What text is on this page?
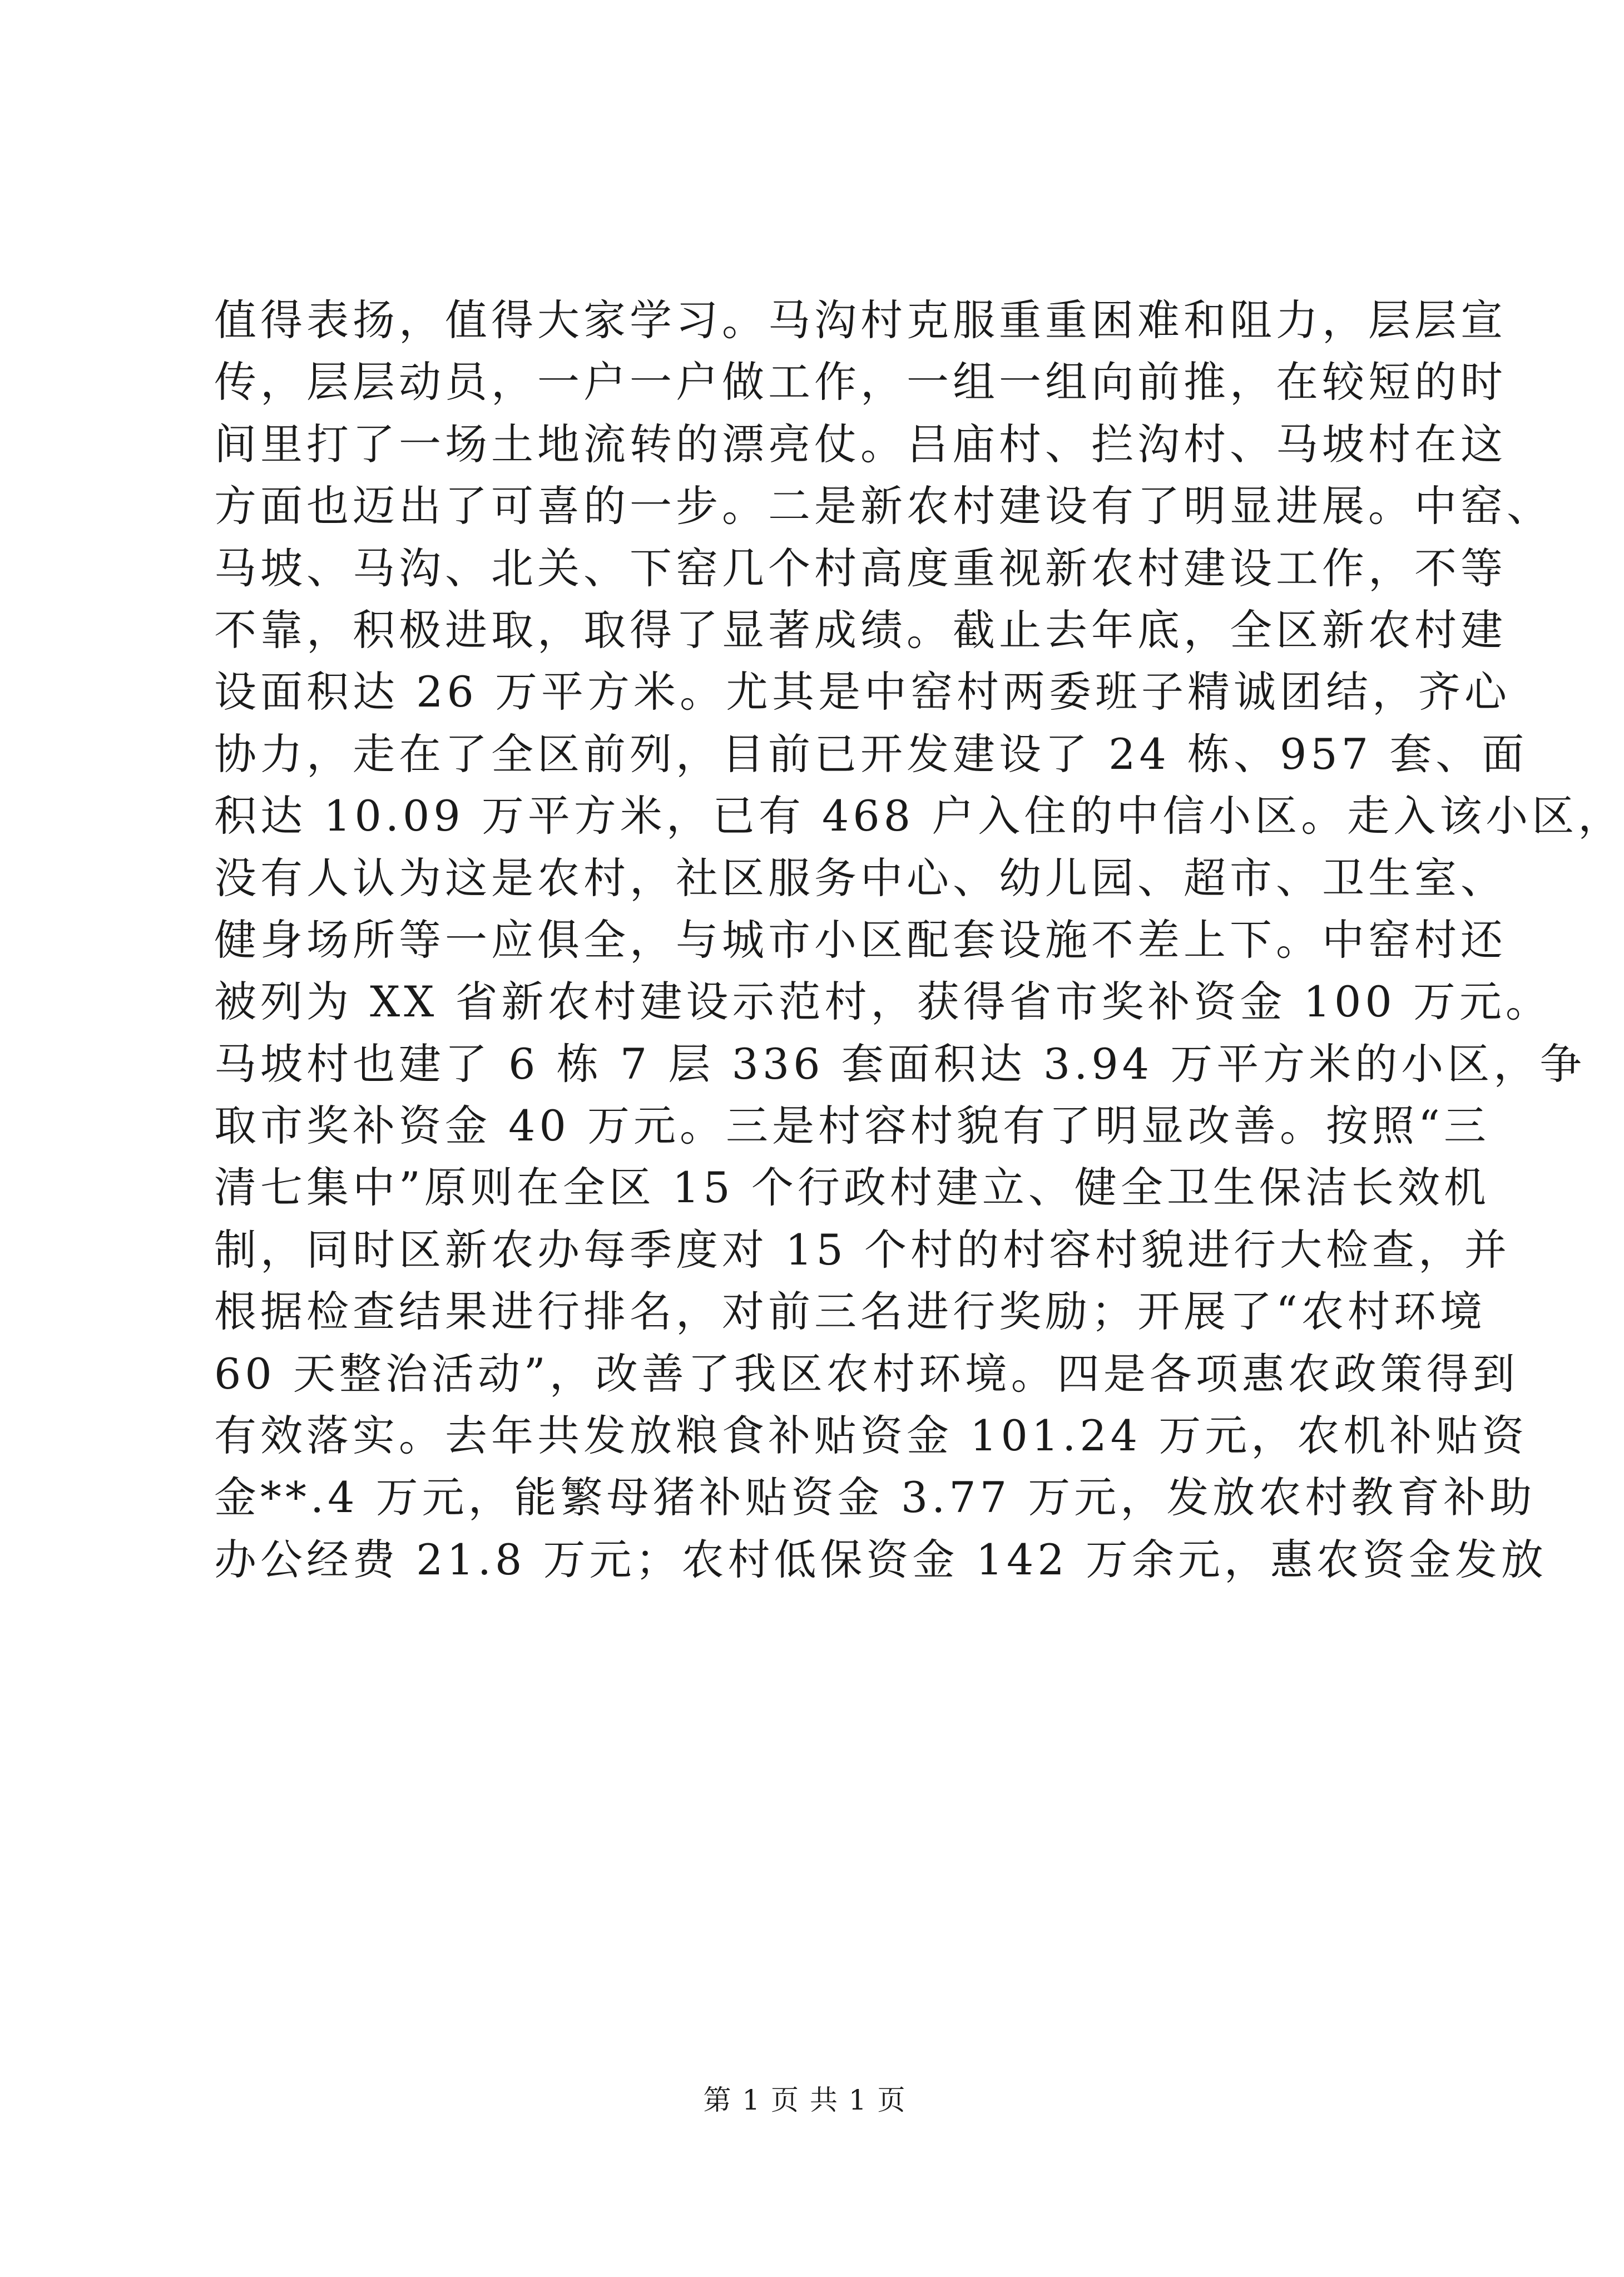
值得表扬，值得大家学习。马沟村克服重重困难和阻力，层层宣
传，层层动员，一户一户做工作，一组一组向前推，在较短的时
间里打了一场土地流转的漂亮仗。吕庙村、拦沟村、马坡村在这
方面也迈出了可喜的一步。二是新农村建设有了明显进展。中窑、
马坡、马沟、北关、下窑几个村高度重视新农村建设工作，不等
不靠，积极进取，取得了显著成绩。截止去年底，全区新农村建
设面积达 26 万平方米。尤其是中窑村两委班子精诚团结，齐心
协力，走在了全区前列，目前已开发建设了 24 栋、957 套、面
积达 10.09 万平方米，已有 468 户入住的中信小区。走入该小区，
没有人认为这是农村，社区服务中心、幼儿园、超市、卫生室、
健身场所等一应俱全，与城市小区配套设施不差上下。中窑村还
被列为 XX 省新农村建设示范村，获得省市奖补资金 100 万元。
马坡村也建了 6 栋 7 层 336 套面积达 3.94 万平方米的小区，争
取市奖补资金 40 万元。三是村容村貌有了明显改善。按照“三
清七集中”原则在全区 15 个行政村建立、健全卫生保洁长效机
制，同时区新农办每季度对 15 个村的村容村貌进行大检查，并
根据检查结果进行排名，对前三名进行奖励；开展了“农村环境
60 天整治活动”，改善了我区农村环境。四是各项惠农政策得到
有效落实。去年共发放粮食补贴资金 101.24 万元，农机补贴资
金**.4 万元，能繁母猪补贴资金 3.77 万元，发放农村教育补助
办公经费 21.8 万元；农村低保资金 142 万余元，惠农资金发放
第 1 页 共 1 页
